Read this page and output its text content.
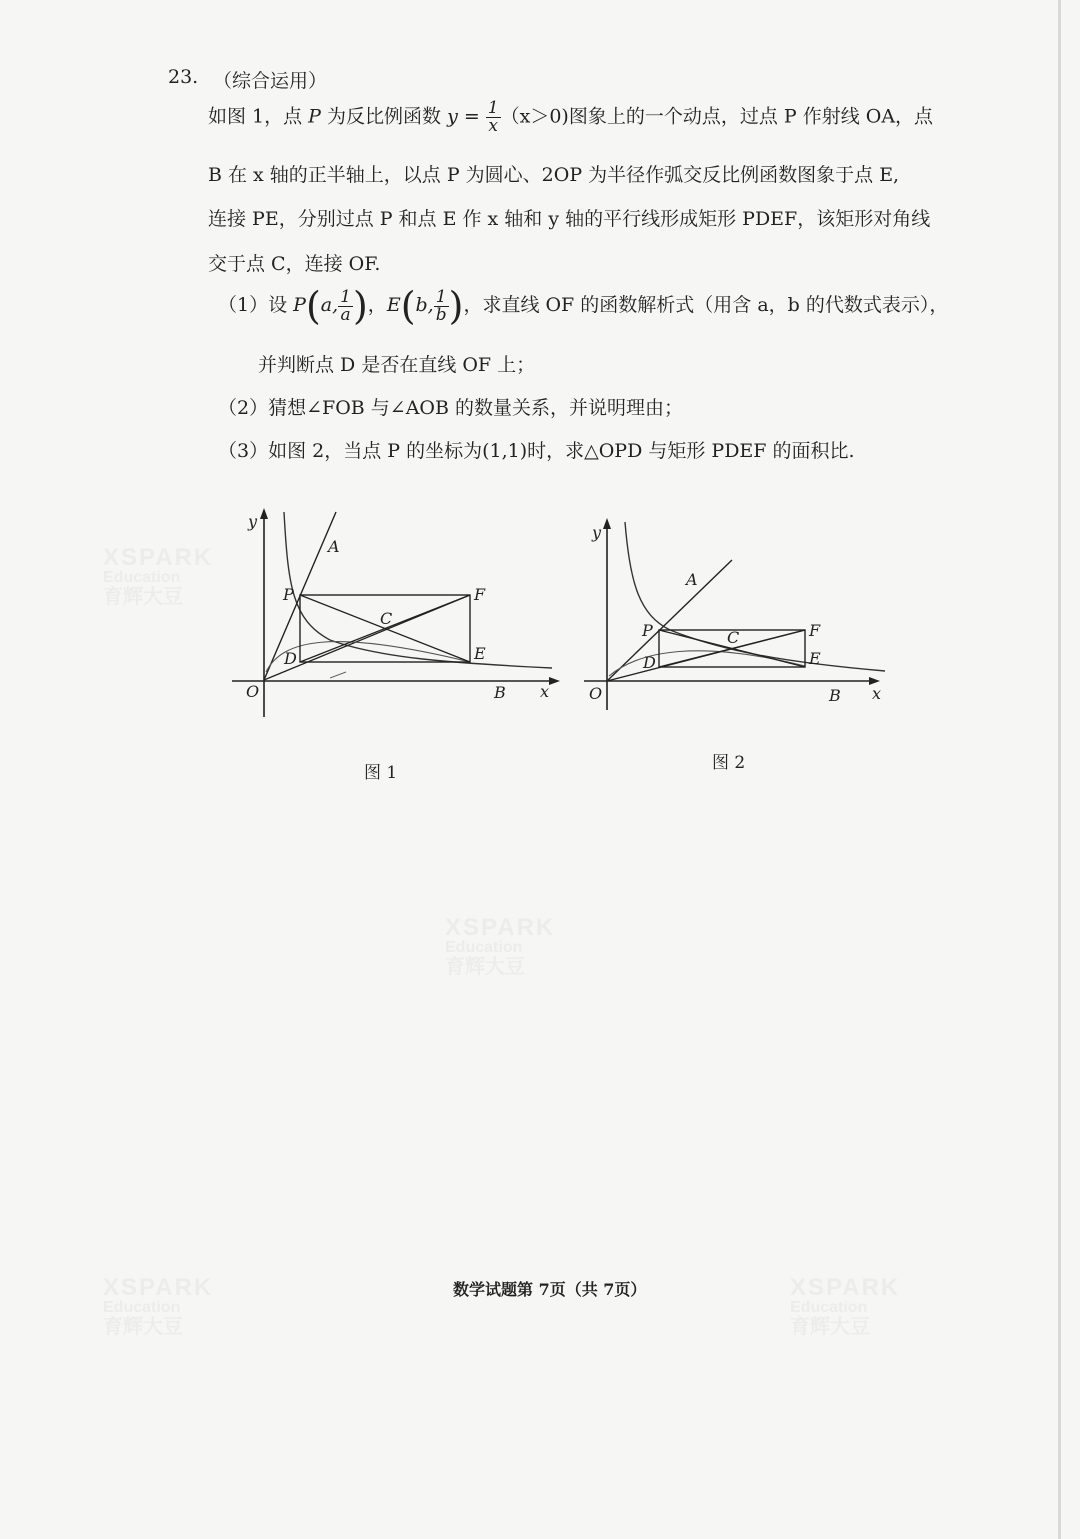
XSPARK
Education
育辉大豆
XSPARK
Education
育辉大豆
XSPARK
Education
育辉大豆
XSPARK
Education
育辉大豆
23. （综合运用）
如图 1，点 P 为反比例函数 $y = \frac{1}{x} (x>0)$图象上的一个动点，过点 P 作射线 OA，点
B 在 x 轴的正半轴上，以点 P 为圆心、2OP 为半径作弧交反比例函数图象于点 E,
连接 PE，分别过点 P 和点 E 作 x 轴和 y 轴的平行线形成矩形 PDEF，该矩形对角线
交于点 C，连接 OF.
（1）设 P(a, $\frac{1}{a}$ )，E(b, $\frac{1}{b}$ )，求直线 OF 的函数解析式（用含 a，b 的代数式表示），
并判断点 D 是否在直线 OF 上；
（2）猜想∠FOB 与∠AOB 的数量关系，并说明理由；
（3）如图 2，当点 P 的坐标为(1,1)时，求△OPD 与矩形 PDEF 的面积比.
y
A
P	F
C
D	E
O	B x
图 1
y
A
P	F
C
D	E
O	B x
图 2
数学试题第 7页（共 7页）
